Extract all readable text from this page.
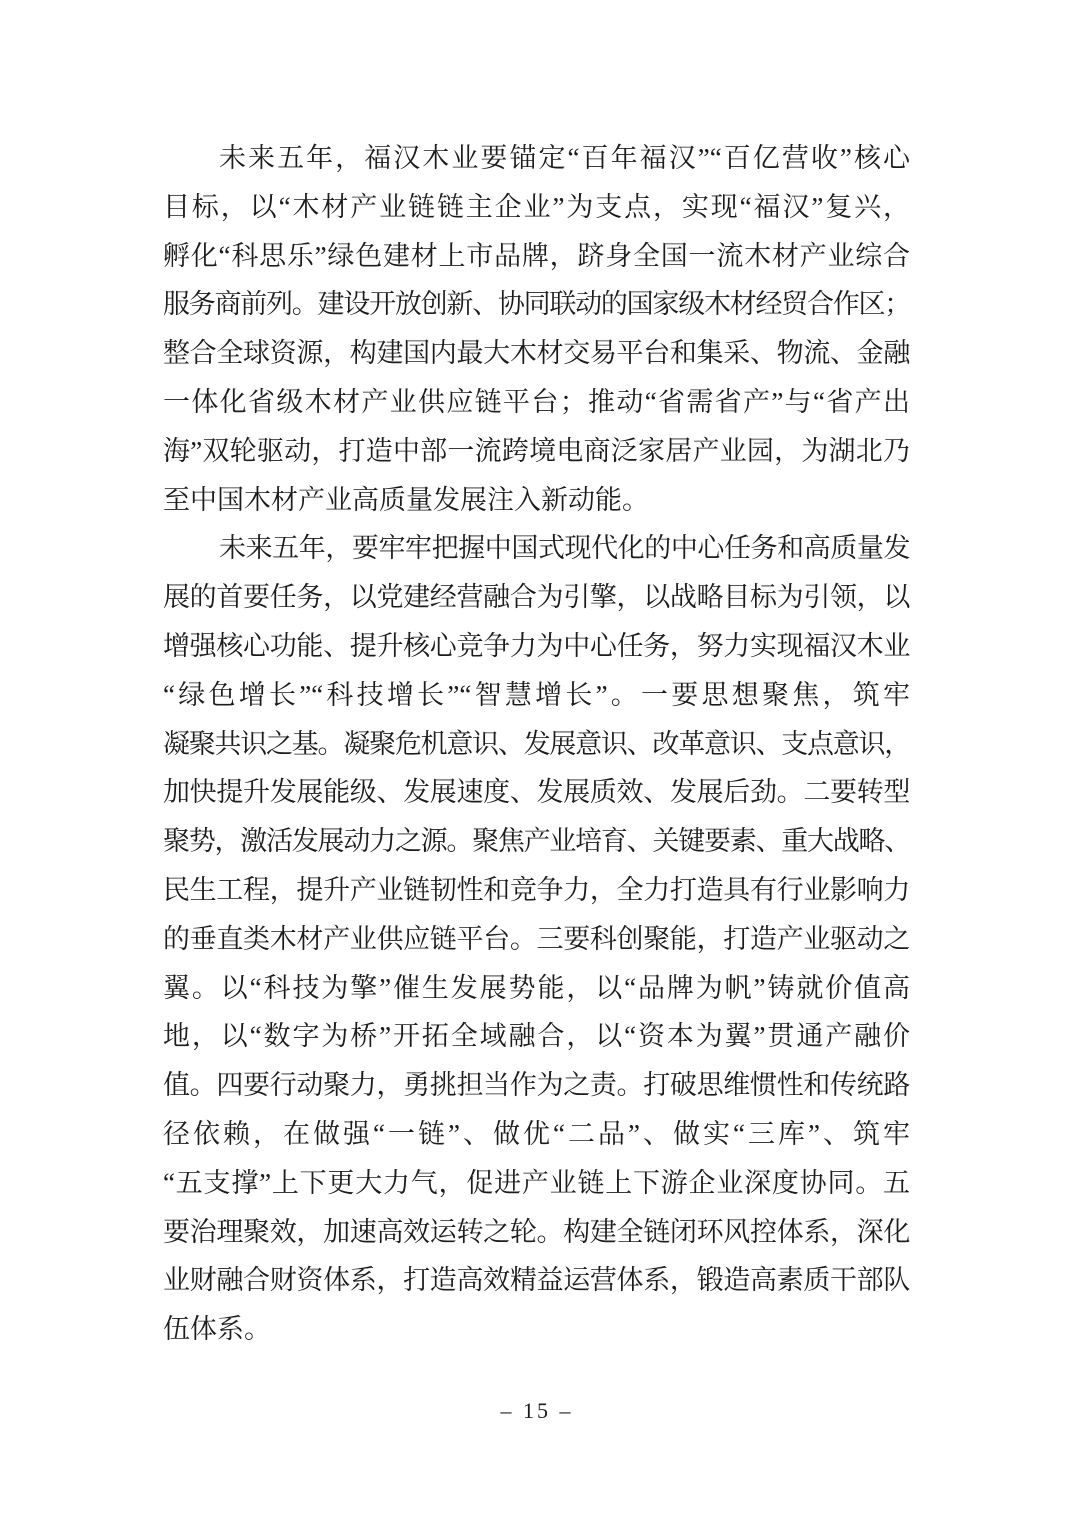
未来五年，福汉木业要锚定“百年福汉”“百亿营收”核心
目标，以“木材产业链链主企业”为支点，实现“福汉”复兴，
孵化“科思乐”绿色建材上市品牌，跻身全国一流木材产业综合
服务商前列。建设开放创新、协同联动的国家级木材经贸合作区；
整合全球资源，构建国内最大木材交易平台和集采、物流、金融
一体化省级木材产业供应链平台；推动“省需省产”与“省产出
海”双轮驱动，打造中部一流跨境电商泛家居产业园，为湖北乃
至中国木材产业高质量发展注入新动能。
未来五年，要牢牢把握中国式现代化的中心任务和高质量发
展的首要任务，以党建经营融合为引擎，以战略目标为引领，以
增强核心功能、提升核心竞争力为中心任务，努力实现福汉木业
“绿色增长”“科技增长”“智慧增长”。一要思想聚焦，筑牢
凝聚共识之基。凝聚危机意识、发展意识、改革意识、支点意识，
加快提升发展能级、发展速度、发展质效、发展后劲。二要转型
聚势，激活发展动力之源。聚焦产业培育、关键要素、重大战略、
民生工程，提升产业链韧性和竞争力，全力打造具有行业影响力
的垂直类木材产业供应链平台。三要科创聚能，打造产业驱动之
翼。以“科技为擎”催生发展势能，以“品牌为帆”铸就价值高
地，以“数字为桥”开拓全域融合，以“资本为翼”贯通产融价
值。四要行动聚力，勇挑担当作为之责。打破思维惯性和传统路
径依赖，在做强“一链”、做优“二品”、做实“三库”、筑牢
“五支撑”上下更大力气，促进产业链上下游企业深度协同。五
要治理聚效，加速高效运转之轮。构建全链闭环风控体系，深化
业财融合财资体系，打造高效精益运营体系，锻造高素质干部队
伍体系。
– 15 –
